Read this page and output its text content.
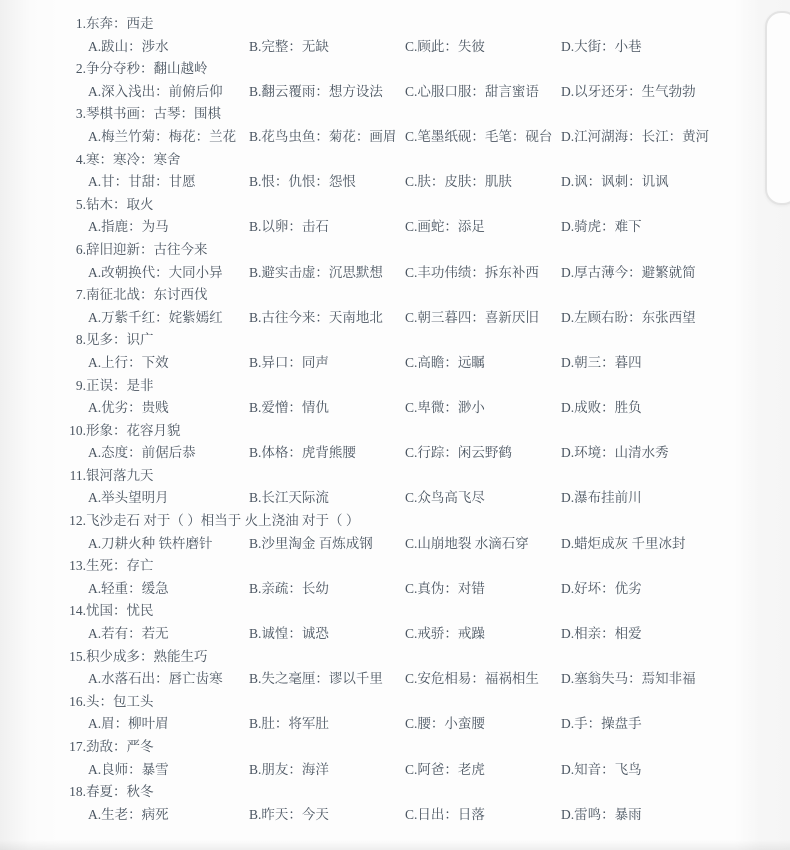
1.东奔：西走
A.跋山：涉水	B.完整：无缺	C.顾此：失彼	D.大街：小巷
2.争分夺秒：翻山越岭
A.深入浅出：前俯后仰	B.翻云覆雨：想方设法	C.心服口服：甜言蜜语	D.以牙还牙：生气勃勃
3.琴棋书画：古琴：围棋
A.梅兰竹菊：梅花：兰花 B.花鸟虫鱼：菊花：画眉 C.笔墨纸砚：毛笔：砚台 D.江河湖海：长江：黄河
4.寒：寒冷：寒舍
A.甘：甘甜：甘愿	B.恨：仇恨：怨恨	C.肤：皮肤：肌肤	D.讽：讽刺：讥讽
5.钻木：取火
A.指鹿：为马	B.以卵：击石	C.画蛇：添足	D.骑虎：难下
6.辞旧迎新：古往今来
A.改朝换代：大同小异	B.避实击虚：沉思默想	C.丰功伟绩：拆东补西	D.厚古薄今：避繁就简
7.南征北战：东讨西伐
A.万紫千红：姹紫嫣红	B.古往今来：天南地北	C.朝三暮四：喜新厌旧	D.左顾右盼：东张西望
8.见多：识广
A.上行：下效	B.异口：同声	C.高瞻：远瞩	D.朝三：暮四
9.正误：是非
A.优劣：贵贱	B.爱憎：情仇	C.卑微：渺小	D.成败：胜负
10.形象：花容月貌
A.态度：前倨后恭	B.体格：虎背熊腰	C.行踪：闲云野鹤	D.环境：山清水秀
11.银河落九天
A.举头望明月	B.长江天际流	C.众鸟高飞尽	D.瀑布挂前川
12.飞沙走石 对于（ ）相当于 火上浇油 对于（ ）
A.刀耕火种 铁杵磨针	B.沙里淘金 百炼成钢	C.山崩地裂 水滴石穿	D.蜡炬成灰 千里冰封
13.生死：存亡
A.轻重：缓急	B.亲疏：长幼	C.真伪：对错	D.好坏：优劣
14.忧国：忧民
A.若有：若无	B.诚惶：诚恐	C.戒骄：戒躁	D.相亲：相爱
15.积少成多：熟能生巧
A.水落石出：唇亡齿寒	B.失之毫厘：谬以千里	C.安危相易：福祸相生	D.塞翁失马：焉知非福
16.头：包工头
A.眉：柳叶眉	B.肚：将军肚	C.腰：小蛮腰	D.手：操盘手
17.劲敌：严冬
A.良师：暴雪	B.朋友：海洋	C.阿爸：老虎	D.知音：飞鸟
18.春夏：秋冬
A.生老：病死	B.昨天：今天	C.日出：日落	D.雷鸣：暴雨
